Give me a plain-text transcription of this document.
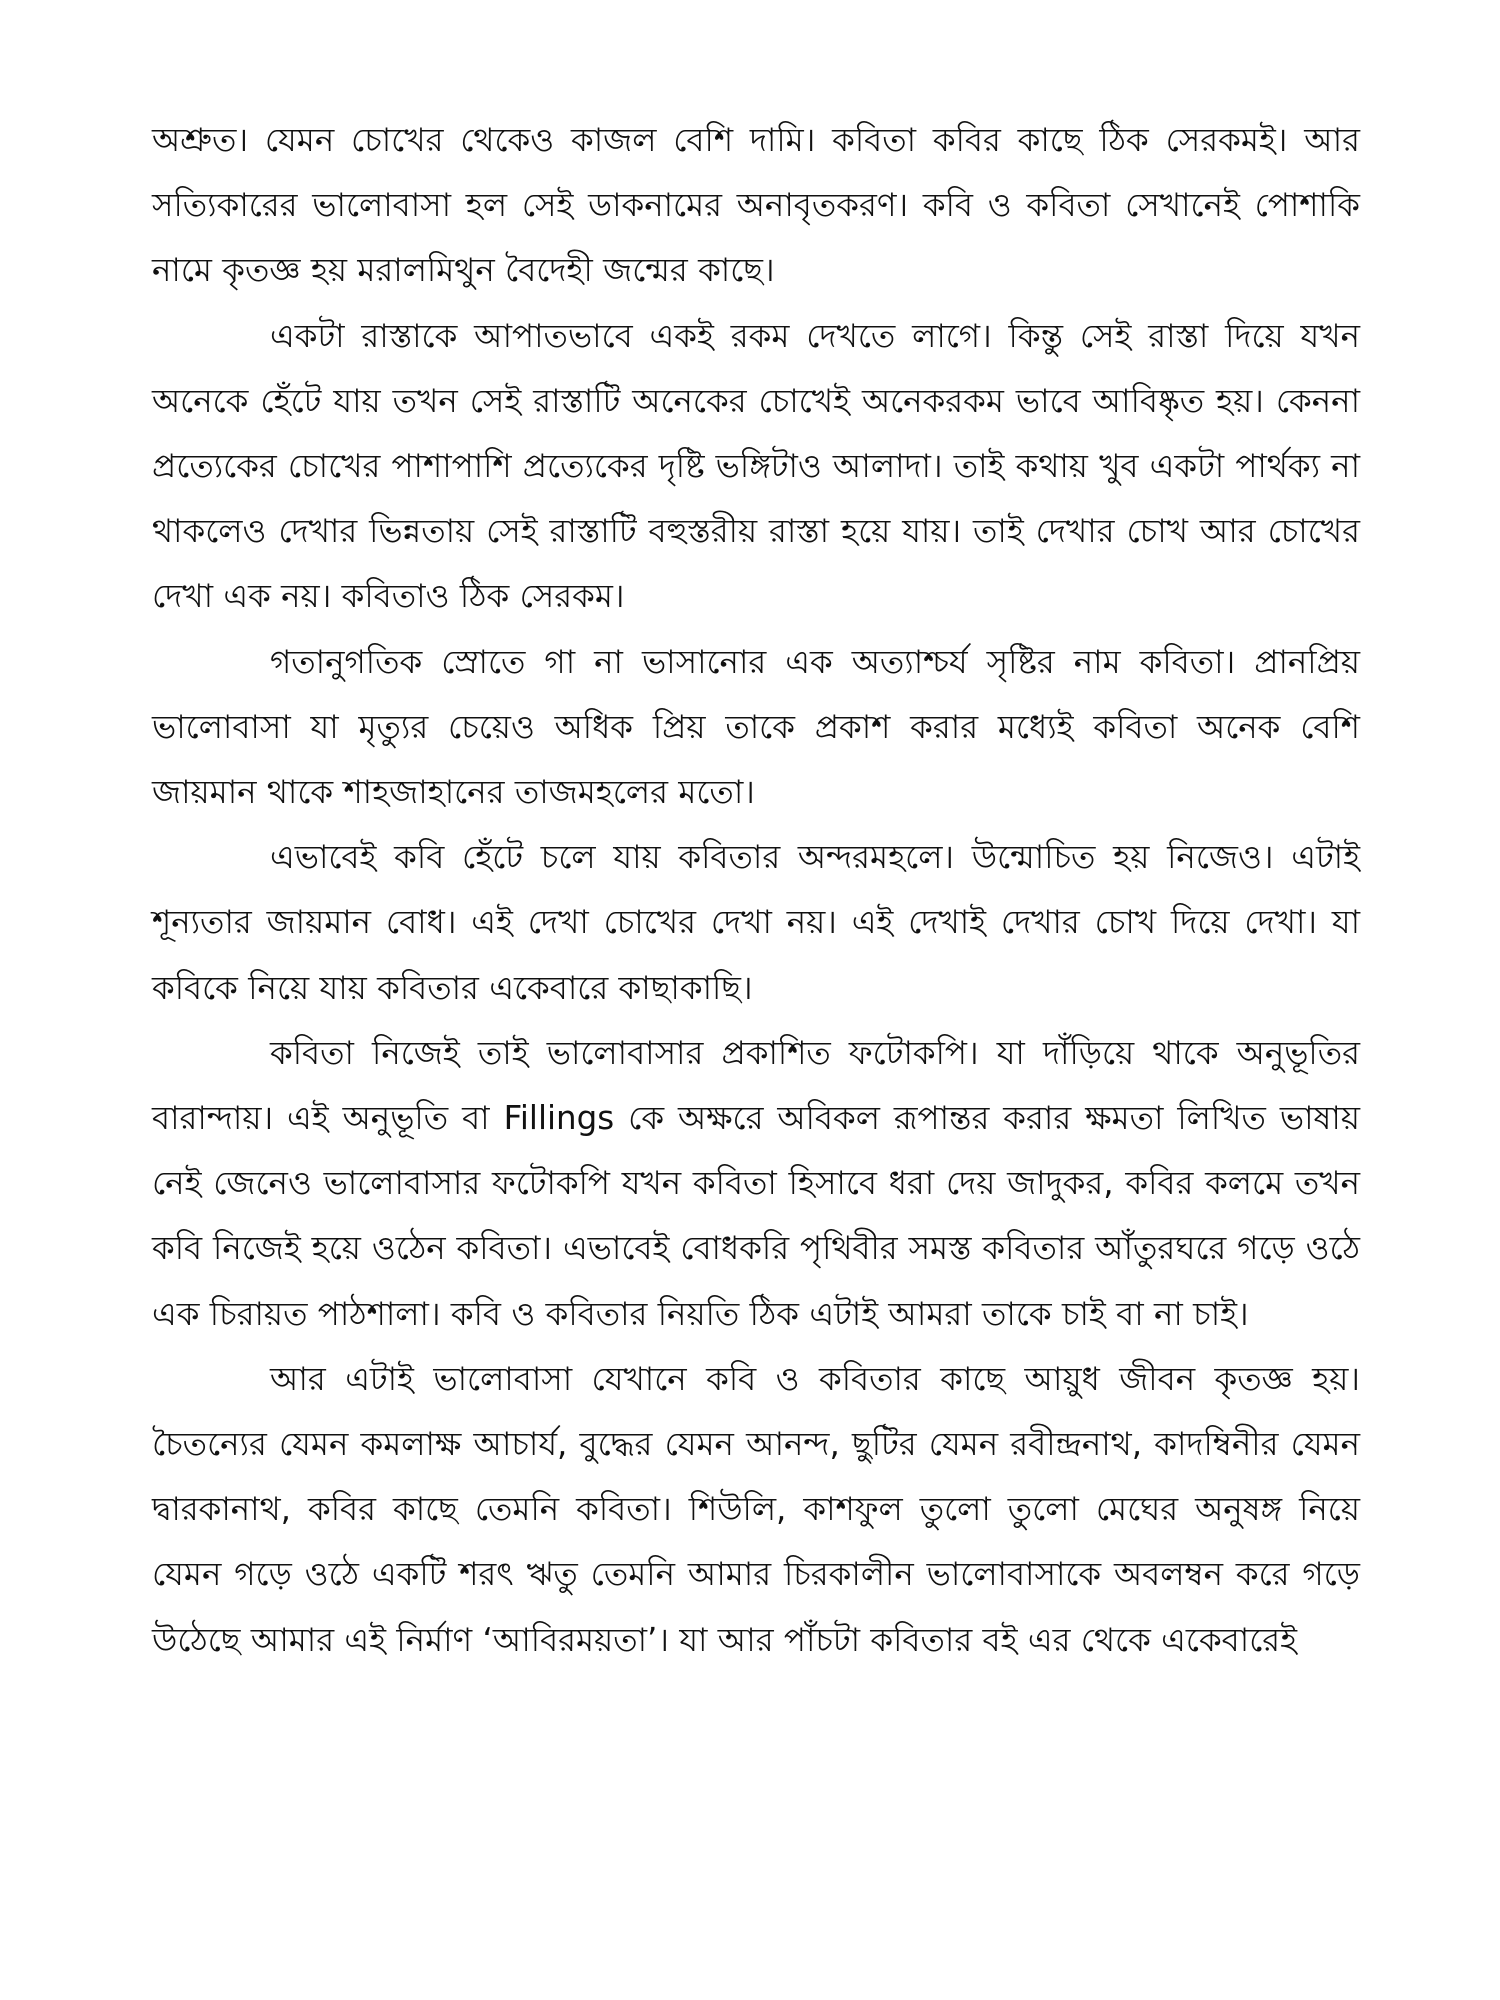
অশ্রুত। যেমন চোখের থেকেও কাজল বেশি দামি। কবিতা কবির কাছে ঠিক সেরকমই। আর সত্যিকারের ভালোবাসা হল সেই ডাকনামের অনাবৃতকরণ। কবি ও কবিতা সেখানেই পোশাকি নামে কৃতজ্ঞ হয় মরালমিথুন বৈদেহী জন্মের কাছে।

একটা রাস্তাকে আপাতভাবে একই রকম দেখতে লাগে। কিন্তু সেই রাস্তা দিয়ে যখন অনেকে হেঁটে যায় তখন সেই রাস্তাটি অনেকের চোখেই অনেকরকম ভাবে আবিষ্কৃত হয়। কেননা প্রত্যেকের চোখের পাশাপাশি প্রত্যেকের দৃষ্টি ভঙ্গিটাও আলাদা। তাই কথায় খুব একটা পার্থক্য না থাকলেও দেখার ভিন্নতায় সেই রাস্তাটি বহুস্তরীয় রাস্তা হয়ে যায়। তাই দেখার চোখ আর চোখের দেখা এক নয়। কবিতাও ঠিক সেরকম।

গতানুগতিক স্রোতে গা না ভাসানোর এক অত্যাশ্চর্য সৃষ্টির নাম কবিতা। প্রানপ্রিয় ভালোবাসা যা মৃত্যুর চেয়েও অধিক প্রিয় তাকে প্রকাশ করার মধ্যেই কবিতা অনেক বেশি জায়মান থাকে শাহজাহানের তাজমহলের মতো।

এভাবেই কবি হেঁটে চলে যায় কবিতার অন্দরমহলে। উন্মোচিত হয় নিজেও। এটাই শূন্যতার জায়মান বোধ। এই দেখা চোখের দেখা নয়। এই দেখাই দেখার চোখ দিয়ে দেখা। যা কবিকে নিয়ে যায় কবিতার একেবারে কাছাকাছি।

কবিতা নিজেই তাই ভালোবাসার প্রকাশিত ফটোকপি। যা দাঁড়িয়ে থাকে অনুভূতির বারান্দায়। এই অনুভূতি বা Fillings কে অক্ষরে অবিকল রূপান্তর করার ক্ষমতা লিখিত ভাষায় নেই জেনেও ভালোবাসার ফটোকপি যখন কবিতা হিসাবে ধরা দেয় জাদুকর, কবির কলমে তখন কবি নিজেই হয়ে ওঠেন কবিতা। এভাবেই বোধকরি পৃথিবীর সমস্ত কবিতার আঁতুরঘরে গড়ে ওঠে এক চিরায়ত পাঠশালা। কবি ও কবিতার নিয়তি ঠিক এটাই আমরা তাকে চাই বা না চাই।

আর এটাই ভালোবাসা যেখানে কবি ও কবিতার কাছে আয়ুধ জীবন কৃতজ্ঞ হয়। চৈতন্যের যেমন কমলাক্ষ আচার্য, বুদ্ধের যেমন আনন্দ, ছুটির যেমন রবীন্দ্রনাথ, কাদম্বিনীর যেমন দ্বারকানাথ, কবির কাছে তেমনি কবিতা। শিউলি, কাশফুল তুলো তুলো মেঘের অনুষঙ্গ নিয়ে যেমন গড়ে ওঠে একটি শরৎ ঋতু তেমনি আমার চিরকালীন ভালোবাসাকে অবলম্বন করে গড়ে উঠেছে আমার এই নির্মাণ ‘আবিরময়তা’। যা আর পাঁচটা কবিতার বই এর থেকে একেবারেই
